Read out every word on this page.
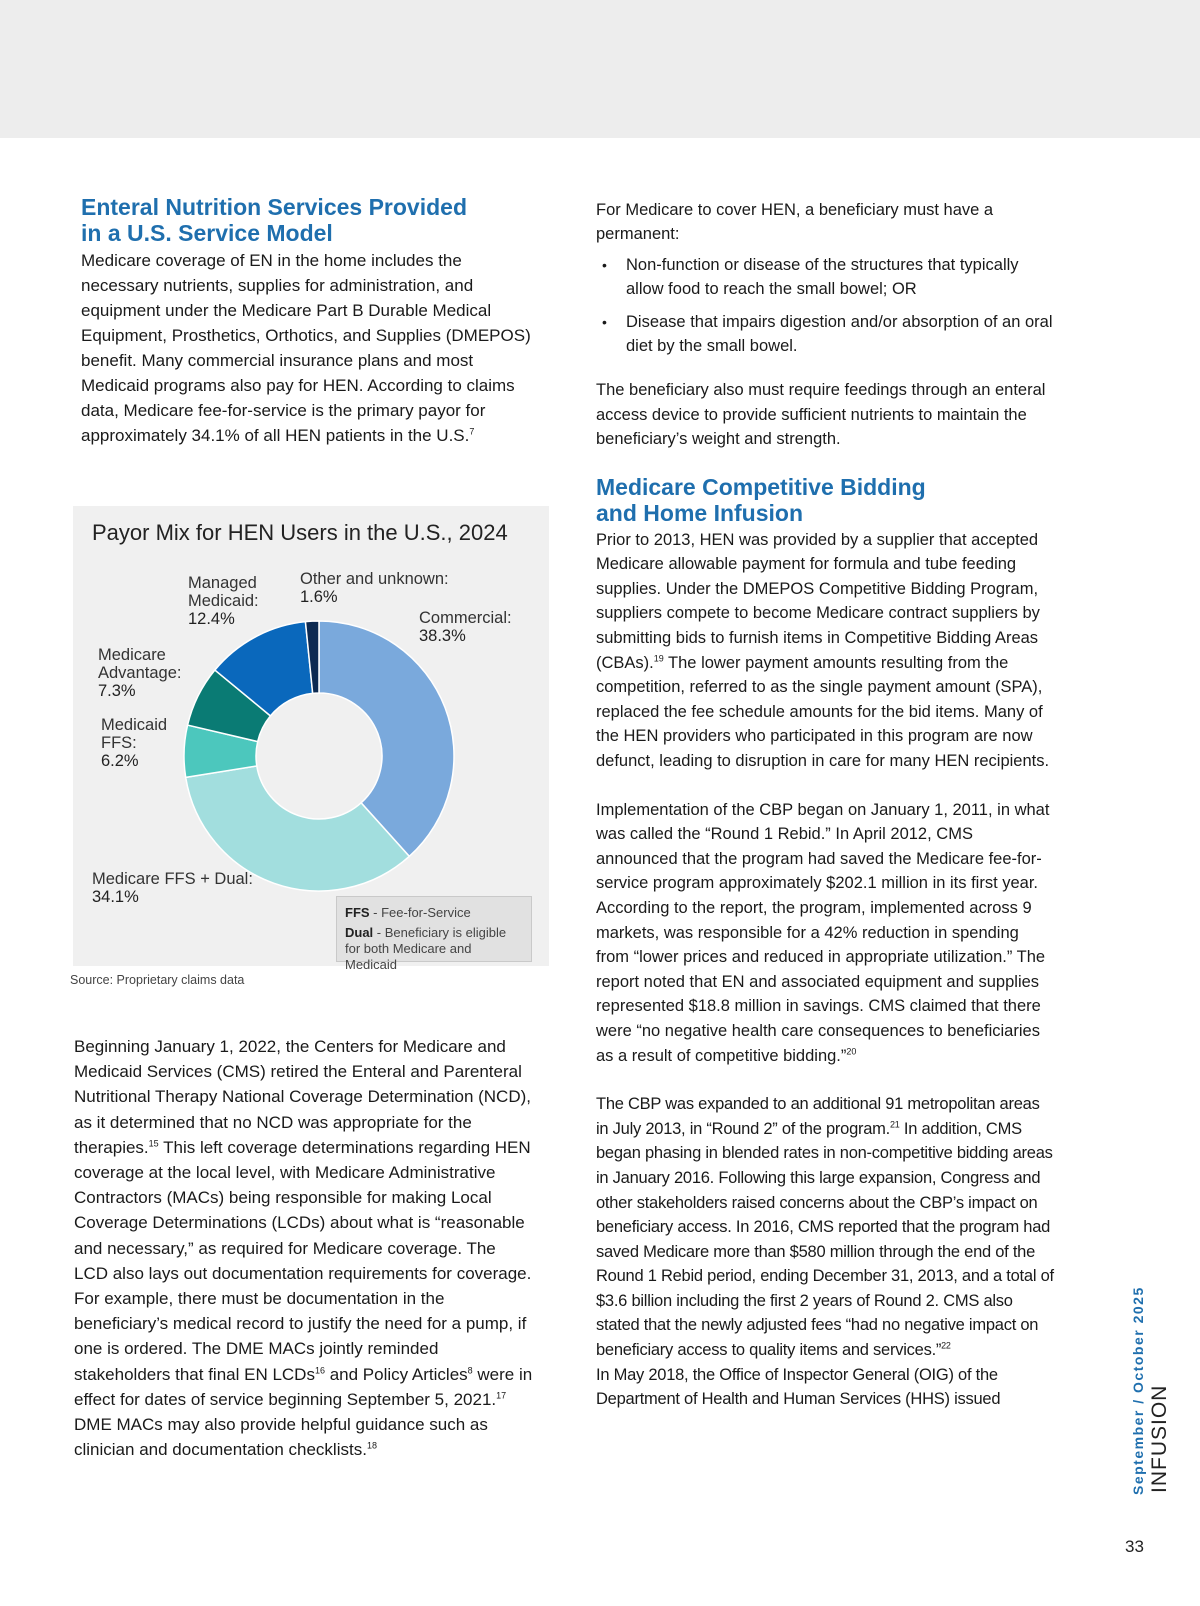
Enteral Nutrition Services Provided
in a U.S. Service Model

Medicare coverage of EN in the home includes the necessary nutrients, supplies for administration, and equipment under the Medicare Part B Durable Medical Equipment, Prosthetics, Orthotics, and Supplies (DMEPOS) benefit. Many commercial insurance plans and most Medicaid programs also pay for HEN. According to claims data, Medicare fee-for-service is the primary payor for approximately 34.1% of all HEN patients in the U.S.$^7$

Payor Mix for HEN Users in the U.S., 2024
Other and unknown:
1.6%
Managed
Medicaid:
12.4%	Commercial:
38.3%
Medicare
Advantage:
7.3%
Medicaid
FFS:
6.2%
Medicare FFS + Dual:
34.1%
FFS - Fee-for-Service
Dual - Beneficiary is eligible for both Medicare and Medicaid
Source: Proprietary claims data

Beginning January 1, 2022, the Centers for Medicare and Medicaid Services (CMS) retired the Enteral and Parenteral Nutritional Therapy National Coverage Determination (NCD), as it determined that no NCD was appropriate for the therapies.$^{15}$ This left coverage determinations regarding HEN coverage at the local level, with Medicare Administrative Contractors (MACs) being responsible for making Local Coverage Determinations (LCDs) about what is “reasonable and necessary,” as required for Medicare coverage. The LCD also lays out documentation requirements for coverage. For example, there must be documentation in the beneficiary’s medical record to justify the need for a pump, if one is ordered. The DME MACs jointly reminded stakeholders that final EN LCDs$^{16}$ and Policy Articles$^8$ were in effect for dates of service beginning September 5, 2021.17 DME MACs may also provide helpful guidance such as clinician and documentation checklists.$^{18}$

For Medicare to cover HEN, a beneficiary must have a permanent:

• Non-function or disease of the structures that typically allow food to reach the small bowel; OR
• Disease that impairs digestion and/or absorption of an oral diet by the small bowel.

The beneficiary also must require feedings through an enteral access device to provide sufficient nutrients to maintain the beneficiary’s weight and strength.

Medicare Competitive Bidding
and Home Infusion

Prior to 2013, HEN was provided by a supplier that accepted Medicare allowable payment for formula and tube feeding supplies. Under the DMEPOS Competitive Bidding Program, suppliers compete to become Medicare contract suppliers by submitting bids to furnish items in Competitive Bidding Areas (CBAs).$^{19}$ The lower payment amounts resulting from the competition, referred to as the single payment amount (SPA), replaced the fee schedule amounts for the bid items. Many of the HEN providers who participated in this program are now defunct, leading to disruption in care for many HEN recipients.

Implementation of the CBP began on January 1, 2011, in what was called the “Round 1 Rebid.” In April 2012, CMS announced that the program had saved the Medicare fee-for-service program approximately $202.1 million in its first year. According to the report, the program, implemented across 9 markets, was responsible for a 42% reduction in spending from “lower prices and reduced in appropriate utilization.” The report noted that EN and associated equipment and supplies represented $18.8 million in savings. CMS claimed that there were “no negative health care consequences to beneficiaries as a result of competitive bidding.”$^{20}$

The CBP was expanded to an additional 91 metropolitan areas in July 2013, in “Round 2” of the program.$^{21}$ In addition, CMS began phasing in blended rates in non-competitive bidding areas in January 2016. Following this large expansion, Congress and other stakeholders raised concerns about the CBP’s impact on beneficiary access. In 2016, CMS reported that the program had saved Medicare more than $580 million through the end of the Round 1 Rebid period, ending December 31, 2013, and a total of $3.6 billion including the first 2 years of Round 2. CMS also stated that the newly adjusted fees “had no negative impact on beneficiary access to quality items and services.”$^{22}$

In May 2018, the Office of Inspector General (OIG) of the Department of Health and Human Services (HHS) issued	September / October 2025 INFUSION
33
